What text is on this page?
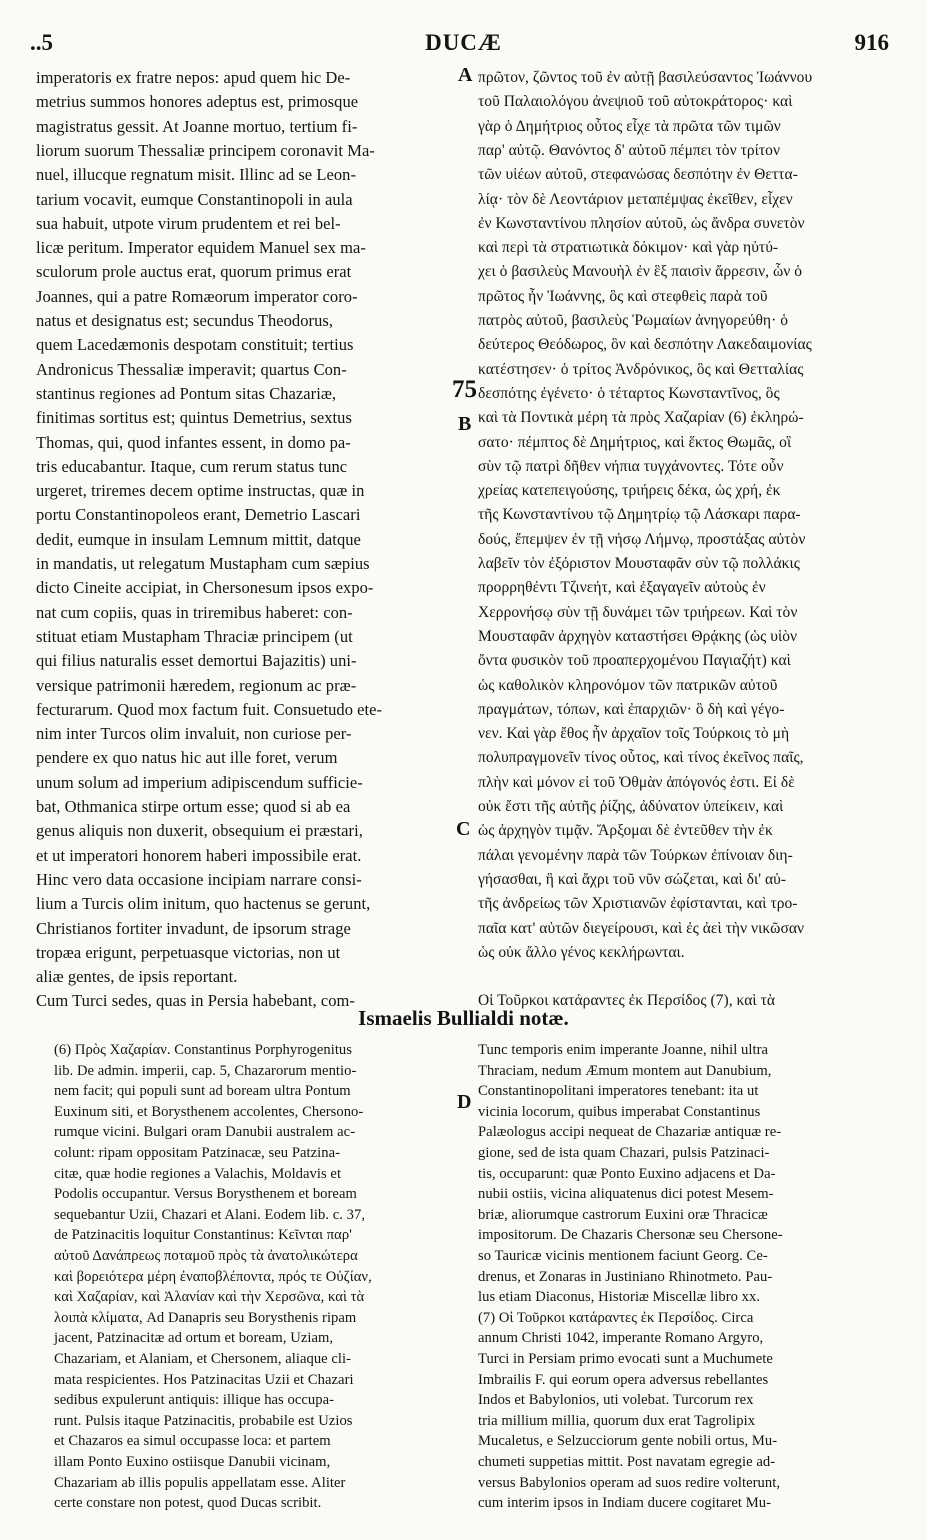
..5	DUCÆ	916
imperatoris ex fratre nepos: apud quem hic De-
metrius summos honores adeptus est, primosque
magistratus gessit. At Joanne mortuo, tertium fi-
liorum suorum Thessaliæ principem coronavit Ma-
nuel, illucque regnatum misit. Illinc ad se Leon-
tarium vocavit, eumque Constantinopoli in aula
sua habuit, utpote virum prudentem et rei bel-
licæ peritum. Imperator equidem Manuel sex ma-
sculorum prole auctus erat, quorum primus erat
Joannes, qui a patre Romæorum imperator coro-
natus et designatus est; secundus Theodorus,
quem Lacedæmonis despotam constituit; tertius
Andronicus Thessaliæ imperavit; quartus Con-
stantinus regiones ad Pontum sitas Chazariæ,
finitimas sortitus est; quintus Demetrius, sextus
Thomas, qui, quod infantes essent, in domo pa-
tris educabantur. Itaque, cum rerum status tunc
urgeret, triremes decem optime instructas, quæ in
portu Constantinopoleos erant, Demetrio Lascari
dedit, eumque in insulam Lemnum mittit, datque
in mandatis, ut relegatum Mustapham cum sæpius
dicto Cineite accipiat, in Chersonesum ipsos expo-
nat cum copiis, quas in triremibus haberet: con-
stituat etiam Mustapham Thraciæ principem (ut
qui filius naturalis esset demortui Bajazitis) uni-
versique patrimonii hæredem, regionum ac præ-
fecturarum. Quod mox factum fuit. Consuetudo ete-
nim inter Turcos olim invaluit, non curiose per-
pendere ex quo natus hic aut ille foret, verum
unum solum ad imperium adipiscendum sufficie-
bat, Othmanica stirpe ortum esse; quod si ab ea
genus aliquis non duxerit, obsequium ei præstari,
et ut imperatori honorem haberi impossibile erat.
Hinc vero data occasione incipiam narrare consi-
lium a Turcis olim initum, quo hactenus se gerunt,
Christianos fortiter invadunt, de ipsorum strage
tropæa erigunt, perpetuasque victorias, non ut
aliæ gentes, de ipsis reportant.
Cum Turci sedes, quas in Persia habebant, com-
πρῶτον, ζῶντος τοῦ ἐν αὐτῇ βασιλεύσαντος Ἰωάννου
τοῦ Παλαιολόγου ἀνεψιοῦ τοῦ αὐτοκράτορος· καὶ
γὰρ ὁ Δημήτριος οὗτος εἶχε τὰ πρῶτα τῶν τιμῶν
παρ' αὐτῷ. Θανόντος δ' αὐτοῦ πέμπει τὸν τρίτον
τῶν υἱέων αὐτοῦ, στεφανώσας δεσπότην ἐν Θεττα-
λίᾳ· τὸν δὲ Λεοντάριον μεταπέμψας ἐκεῖθεν, εἶχεν
ἐν Κωνσταντίνου πλησίον αὐτοῦ, ὡς ἄνδρα συνετὸν
καὶ περὶ τὰ στρατιωτικὰ δόκιμον· καὶ γὰρ ηὐτύ-
χει ὁ βασιλεὺς Μανουὴλ ἐν ἓξ παισὶν ἄρρεσιν, ὧν ὁ
πρῶτος ἦν Ἰωάννης, ὃς καὶ στεφθεὶς παρὰ τοῦ
πατρὸς αὐτοῦ, βασιλεὺς Ῥωμαίων ἀνηγορεύθη· ὁ
δεύτερος Θεόδωρος, ὃν καὶ δεσπότην Λακεδαιμονίας
κατέστησεν· ὁ τρίτος Ἀνδρόνικος, ὃς καὶ Θετταλίας
δεσπότης ἐγένετο· ὁ τέταρτος Κωνσταντῖνος, ὃς
καὶ τὰ Ποντικὰ μέρη τὰ πρὸς Χαζαρίαν (6) ἐκληρώ-
σατο· πέμπτος δὲ Δημήτριος, καὶ ἕκτος Θωμᾶς, οἳ
σὺν τῷ πατρὶ δῆθεν νήπια τυγχάνοντες. Τότε οὖν
χρείας κατεπειγούσης, τριήρεις δέκα, ὡς χρή, ἐκ
τῆς Κωνσταντίνου τῷ Δημητρίῳ τῷ Λάσκαρι παρα-
δούς, ἔπεμψεν ἐν τῇ νήσῳ Λήμνῳ, προστάξας αὐτὸν
λαβεῖν τὸν ἐξόριστον Μουσταφᾶν σὺν τῷ πολλάκις
προρρηθέντι Τζινεήτ, καὶ ἐξαγαγεῖν αὐτοὺς ἐν
Χερρονήσῳ σὺν τῇ δυνάμει τῶν τριήρεων. Καὶ τὸν
Μουσταφᾶν ἀρχηγὸν καταστήσει Θρᾴκης (ὡς υἱὸν
ὄντα φυσικὸν τοῦ προαπερχομένου Παγιαζήτ) καὶ
ὡς καθολικὸν κληρονόμον τῶν πατρικῶν αὐτοῦ
πραγμάτων, τόπων, καὶ ἐπαρχιῶν· ὃ δὴ καὶ γέγο-
νεν. Καὶ γὰρ ἔθος ἦν ἀρχαῖον τοῖς Τούρκοις τὸ μὴ
πολυπραγμονεῖν τίνος οὗτος, καὶ τίνος ἐκεῖνος παῖς,
πλὴν καὶ μόνον εἰ τοῦ Ὀθμὰν ἀπόγονός ἐστι. Εἰ δὲ
οὐκ ἔστι τῆς αὐτῆς ῥίζης, ἀδύνατον ὑπείκειν, καὶ
ὡς ἀρχηγὸν τιμᾷν. Ἄρξομαι δὲ ἐντεῦθεν τὴν ἐκ
πάλαι γενομένην παρὰ τῶν Τούρκων ἐπίνοιαν διη-
γήσασθαι, ἣ καὶ ἄχρι τοῦ νῦν σώζεται, καὶ δι' αὐ-
τῆς ἀνδρείως τῶν Χριστιανῶν ἐφίστανται, καὶ τρο-
παῖα κατ' αὐτῶν διεγείρουσι, καὶ ἐς ἀεὶ τὴν νικῶσαν
ὡς οὐκ ἄλλο γένος κεκλήρωνται.
Οἱ Τοῦρκοι κατάραντες ἐκ Περσίδος (7), καὶ τὰ
A
75
B
C
D
Ismaelis Bullialdi notæ.
(6) Πρὸς Χαζαρίαν. Constantinus Porphyrogenitus
lib. De admin. imperii, cap. 5, Chazarorum mentio-
nem facit; qui populi sunt ad boream ultra Pontum
Euxinum siti, et Borysthenem accolentes, Chersono-
rumque vicini. Bulgari oram Danubii australem ac-
colunt: ripam oppositam Patzinacæ, seu Patzina-
citæ, quæ hodie regiones a Valachis, Moldavis et
Podolis occupantur. Versus Borysthenem et boream
sequebantur Uzii, Chazari et Alani. Eodem lib. c. 37,
de Patzinacitis loquitur Constantinus: Κεῖνται παρ'
αὐτοῦ Δανάπρεως ποταμοῦ πρὸς τὰ ἀνατολικώτερα
καὶ βορειότερα μέρη ἐναποβλέποντα, πρός τε Οὐζίαν,
καὶ Χαζαρίαν, καὶ Ἀλανίαν καὶ τὴν Χερσῶνα, καὶ τὰ
λοιπὰ κλίματα, Ad Danapris seu Borysthenis ripam
jacent, Patzinacitæ ad ortum et boream, Uziam,
Chazariam, et Alaniam, et Chersonem, aliaque cli-
mata respicientes. Hos Patzinacitas Uzii et Chazari
sedibus expulerunt antiquis: illique has occupa-
runt. Pulsis itaque Patzinacitis, probabile est Uzios
et Chazaros ea simul occupasse loca: et partem
illam Ponto Euxino ostiisque Danubii vicinam,
Chazariam ab illis populis appellatam esse. Aliter
certe constare non potest, quod Ducas scribit.
Tunc temporis enim imperante Joanne, nihil ultra
Thraciam, nedum Æmum montem aut Danubium,
Constantinopolitani imperatores tenebant: ita ut
vicinia locorum, quibus imperabat Constantinus
Palæologus accipi nequeat de Chazariæ antiquæ re-
gione, sed de ista quam Chazari, pulsis Patzinaci-
tis, occuparunt: quæ Ponto Euxino adjacens et Da-
nubii ostiis, vicina aliquatenus dici potest Mesem-
briæ, aliorumque castrorum Euxini oræ Thracicæ
impositorum. De Chazaris Chersonæ seu Chersone-
so Tauricæ vicinis mentionem faciunt Georg. Ce-
drenus, et Zonaras in Justiniano Rhinotmeto. Pau-
lus etiam Diaconus, Historiæ Miscellæ libro xx.
(7) Οἱ Τοῦρκοι κατάραντες ἐκ Περσίδος. Circa
annum Christi 1042, imperante Romano Argyro,
Turci in Persiam primo evocati sunt a Muchumete
Imbrailis F. qui eorum opera adversus rebellantes
Indos et Babylonios, uti volebat. Turcorum rex
tria millium millia, quorum dux erat Tagrolipix
Mucaletus, e Selzucciorum gente nobili ortus, Mu-
chumeti suppetias mittit. Post navatam egregie ad-
versus Babylonios operam ad suos redire volterunt,
cum interim ipsos in Indiam ducere cogitaret Mu-
